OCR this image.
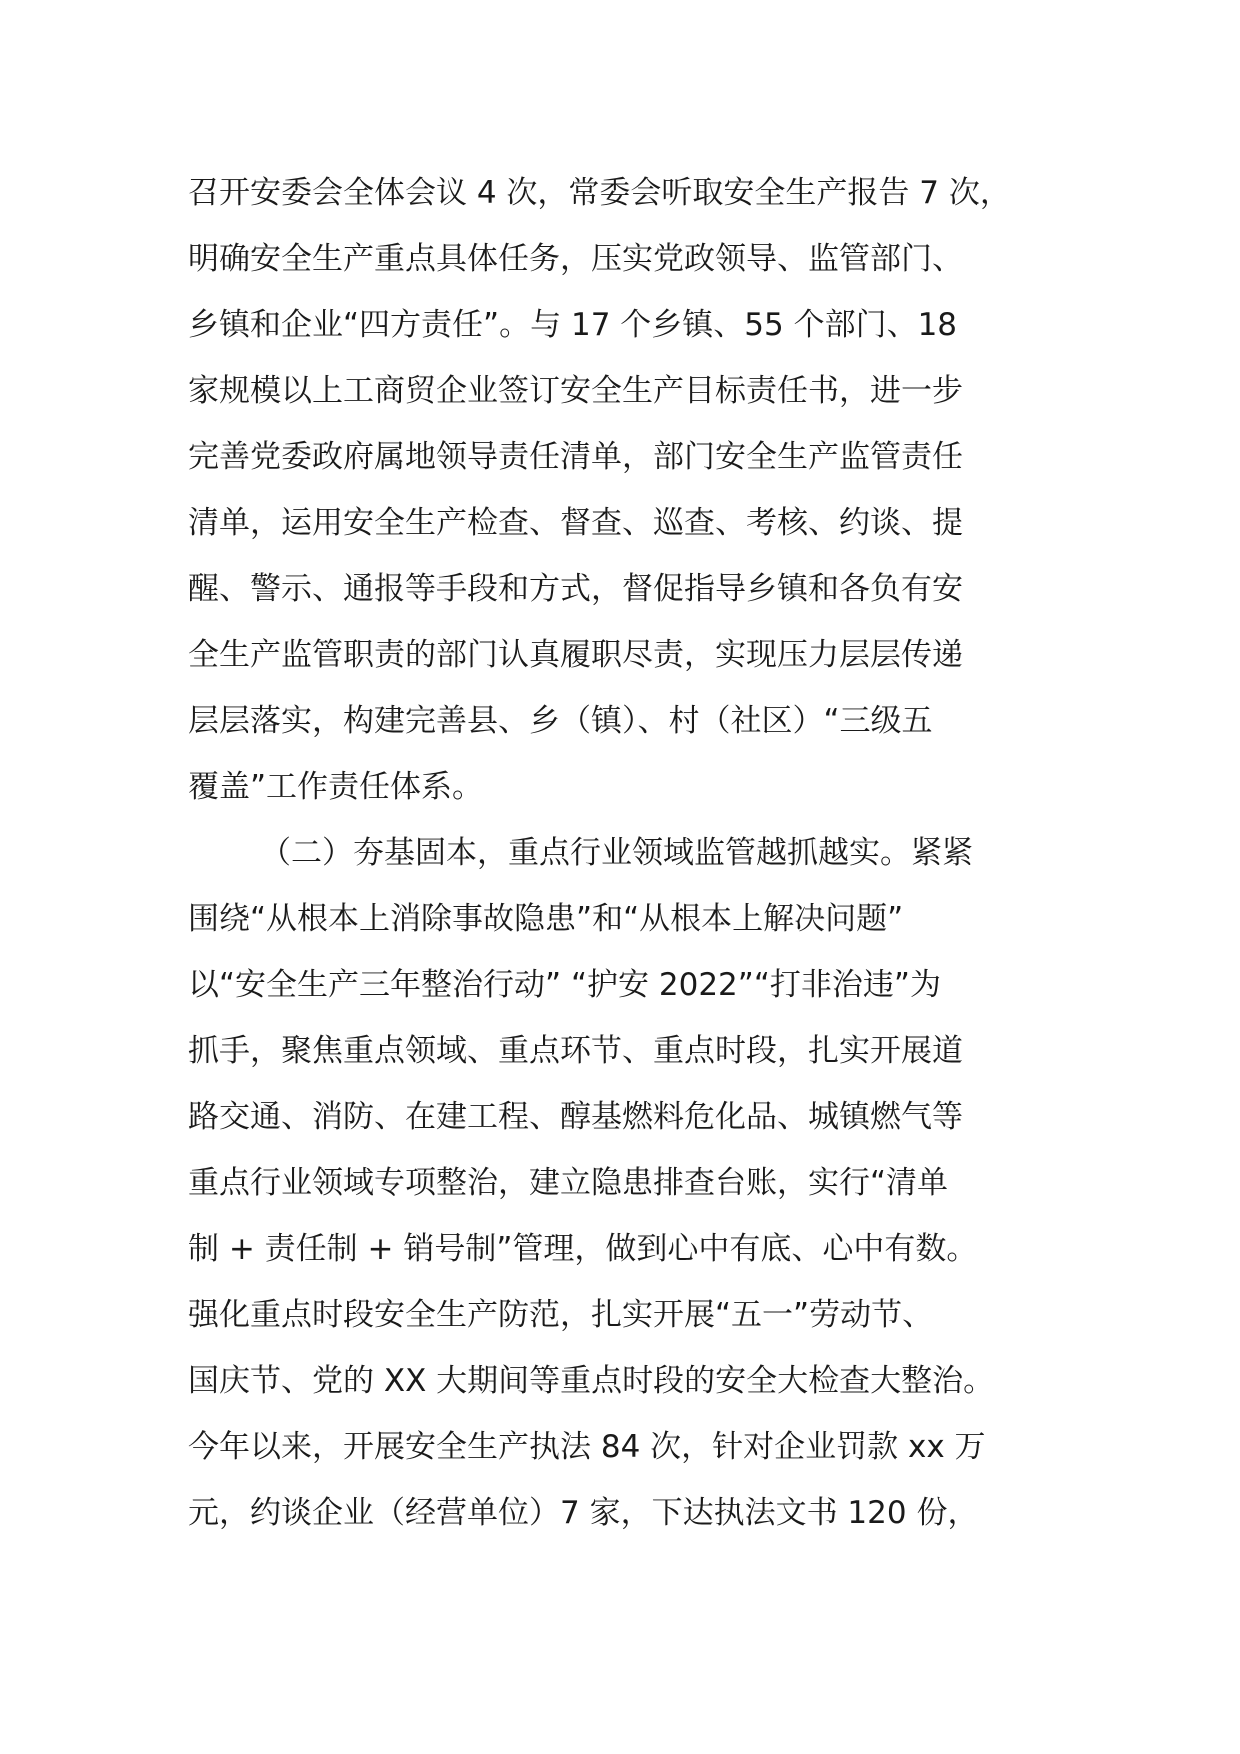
召开安委会全体会议 4 次，常委会听取安全生产报告 7 次，
明确安全生产重点具体任务，压实党政领导、监管部门、
乡镇和企业“四方责任”。与 17 个乡镇、55 个部门、18
家规模以上工商贸企业签订安全生产目标责任书，进一步
完善党委政府属地领导责任清单，部门安全生产监管责任
清单，运用安全生产检查、督查、巡查、考核、约谈、提
醒、警示、通报等手段和方式，督促指导乡镇和各负有安
全生产监管职责的部门认真履职尽责，实现压力层层传递
层层落实，构建完善县、乡（镇）、村（社区）“三级五
覆盖”工作责任体系。
（二）夯基固本，重点行业领域监管越抓越实。紧紧
围绕“从根本上消除事故隐患”和“从根本上解决问题”
以“安全生产三年整治行动” “护安 2022”“打非治违”为
抓手，聚焦重点领域、重点环节、重点时段，扎实开展道
路交通、消防、在建工程、醇基燃料危化品、城镇燃气等
重点行业领域专项整治，建立隐患排查台账，实行“清单
制 + 责任制 + 销号制”管理，做到心中有底、心中有数。
强化重点时段安全生产防范，扎实开展“五一”劳动节、
国庆节、党的 XX 大期间等重点时段的安全大检查大整治。
今年以来，开展安全生产执法 84 次，针对企业罚款 xx 万
元，约谈企业（经营单位）7 家，下达执法文书 120 份，
